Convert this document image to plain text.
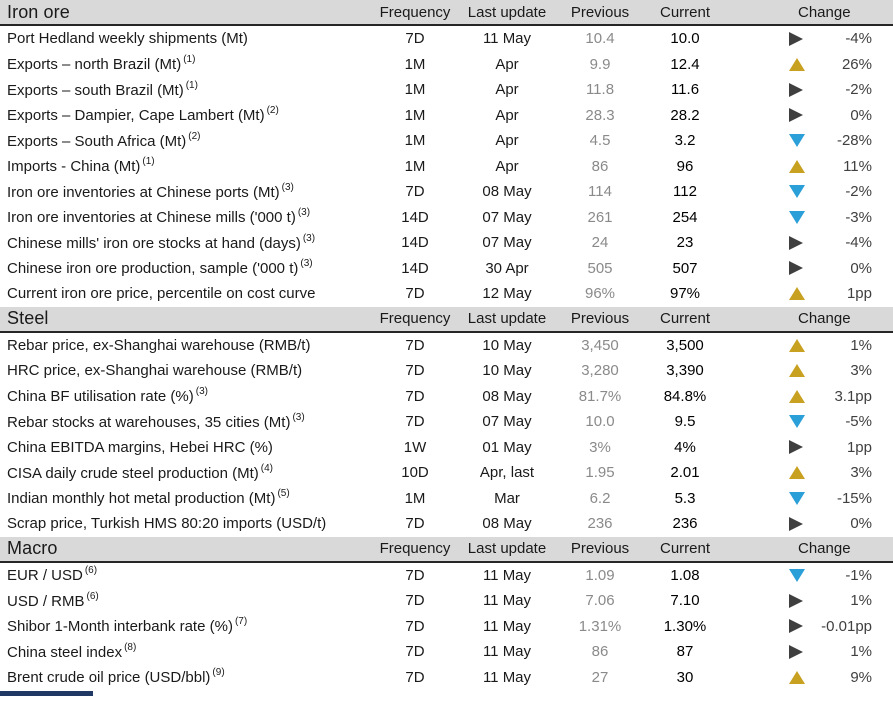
Iron ore	Frequency	Last update	Previous	Current	Change
Port Hedland weekly shipments (Mt)	7D	11 May	10.4	10.0	-4%
Exports – north Brazil (Mt) $^{(1)}$	1M	Apr	9.9	12.4	26%
Exports – south Brazil (Mt) $^{(1)}$	1M	Apr	11.8	11.6	-2%
Exports – Dampier, Cape Lambert (Mt) $^{(2)}$	1M	Apr	28.3	28.2	0%
Exports – South Africa (Mt) $^{(2)}$	1M	Apr	4.5	3.2	-28%
Imports - China (Mt) $^{(1)}$	1M	Apr	86	96	11%
Iron ore inventories at Chinese ports (Mt) $^{(3)}$	7D	08 May	114	112	-2%
Iron ore inventories at Chinese mills ('000 t) $^{(3)}$	14D	07 May	261	254	-3%
Chinese mills' iron ore stocks at hand (days) $^{(3)}$	14D	07 May	24	23	-4%
Chinese iron ore production, sample ('000 t) $^{(3)}$	14D	30 Apr	505	507	0%
Current iron ore price, percentile on cost curve	7D	12 May	96%	97%	1pp
Steel	Frequency	Last update	Previous	Current	Change
Rebar price, ex-Shanghai warehouse (RMB/t)	7D	10 May	3,450	3,500	1%
HRC price, ex-Shanghai warehouse (RMB/t)	7D	10 May	3,280	3,390	3%
China BF utilisation rate (%) $^{(3)}$	7D	08 May	81.7%	84.8%	3.1pp
Rebar stocks at warehouses, 35 cities (Mt) $^{(3)}$	7D	07 May	10.0	9.5	-5%
China EBITDA margins, Hebei HRC (%)	1W	01 May	3%	4%	1pp
CISA daily crude steel production (Mt) $^{(4)}$	10D	Apr, last	1.95	2.01	3%
Indian monthly hot metal production (Mt) $^{(5)}$	1M	Mar	6.2	5.3	-15%
Scrap price, Turkish HMS 80:20 imports (USD/t)	7D	08 May	236	236	0%
Macro	Frequency	Last update	Previous	Current	Change
EUR / USD $^{(6)}$	7D	11 May	1.09	1.08	-1%
USD / RMB $^{(6)}$	7D	11 May	7.06	7.10	1%
Shibor 1-Month interbank rate (%) $^{(7)}$	7D	11 May	1.31%	1.30%	-0.01pp
China steel index $^{(8)}$	7D	11 May	86	87	1%
Brent crude oil price (USD/bbl) $^{(9)}$	7D	11 May	27	30	9%
